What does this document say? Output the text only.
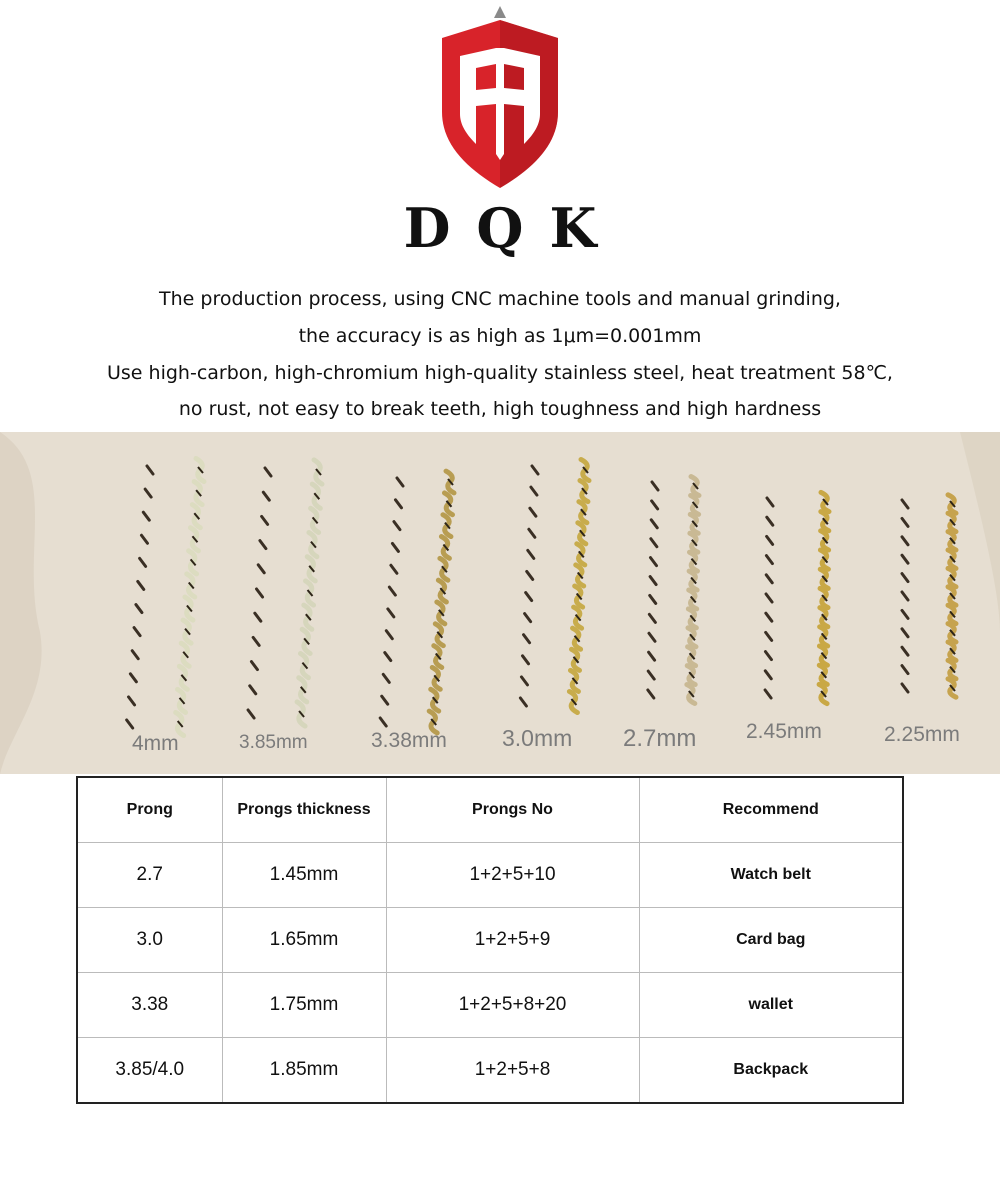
DQK
The production process, using CNC machine tools and manual grinding,
the accuracy is as high as 1μm=0.001mm
Use high-carbon, high-chromium high-quality stainless steel, heat treatment 58℃,
no rust, not easy to break teeth, high toughness and high hardness
4mm	3.85mm	3.38mm 3.0mm 2.7mm 2.45mm	2.25mm
Prong	Prongs thickness	Prongs No	Recommend
2.7	1.45mm	1+2+5+10	Watch belt
3.0	1.65mm	1+2+5+9	Card bag
3.38	1.75mm	1+2+5+8+20	wallet
3.85/4.0	1.85mm	1+2+5+8	Backpack
